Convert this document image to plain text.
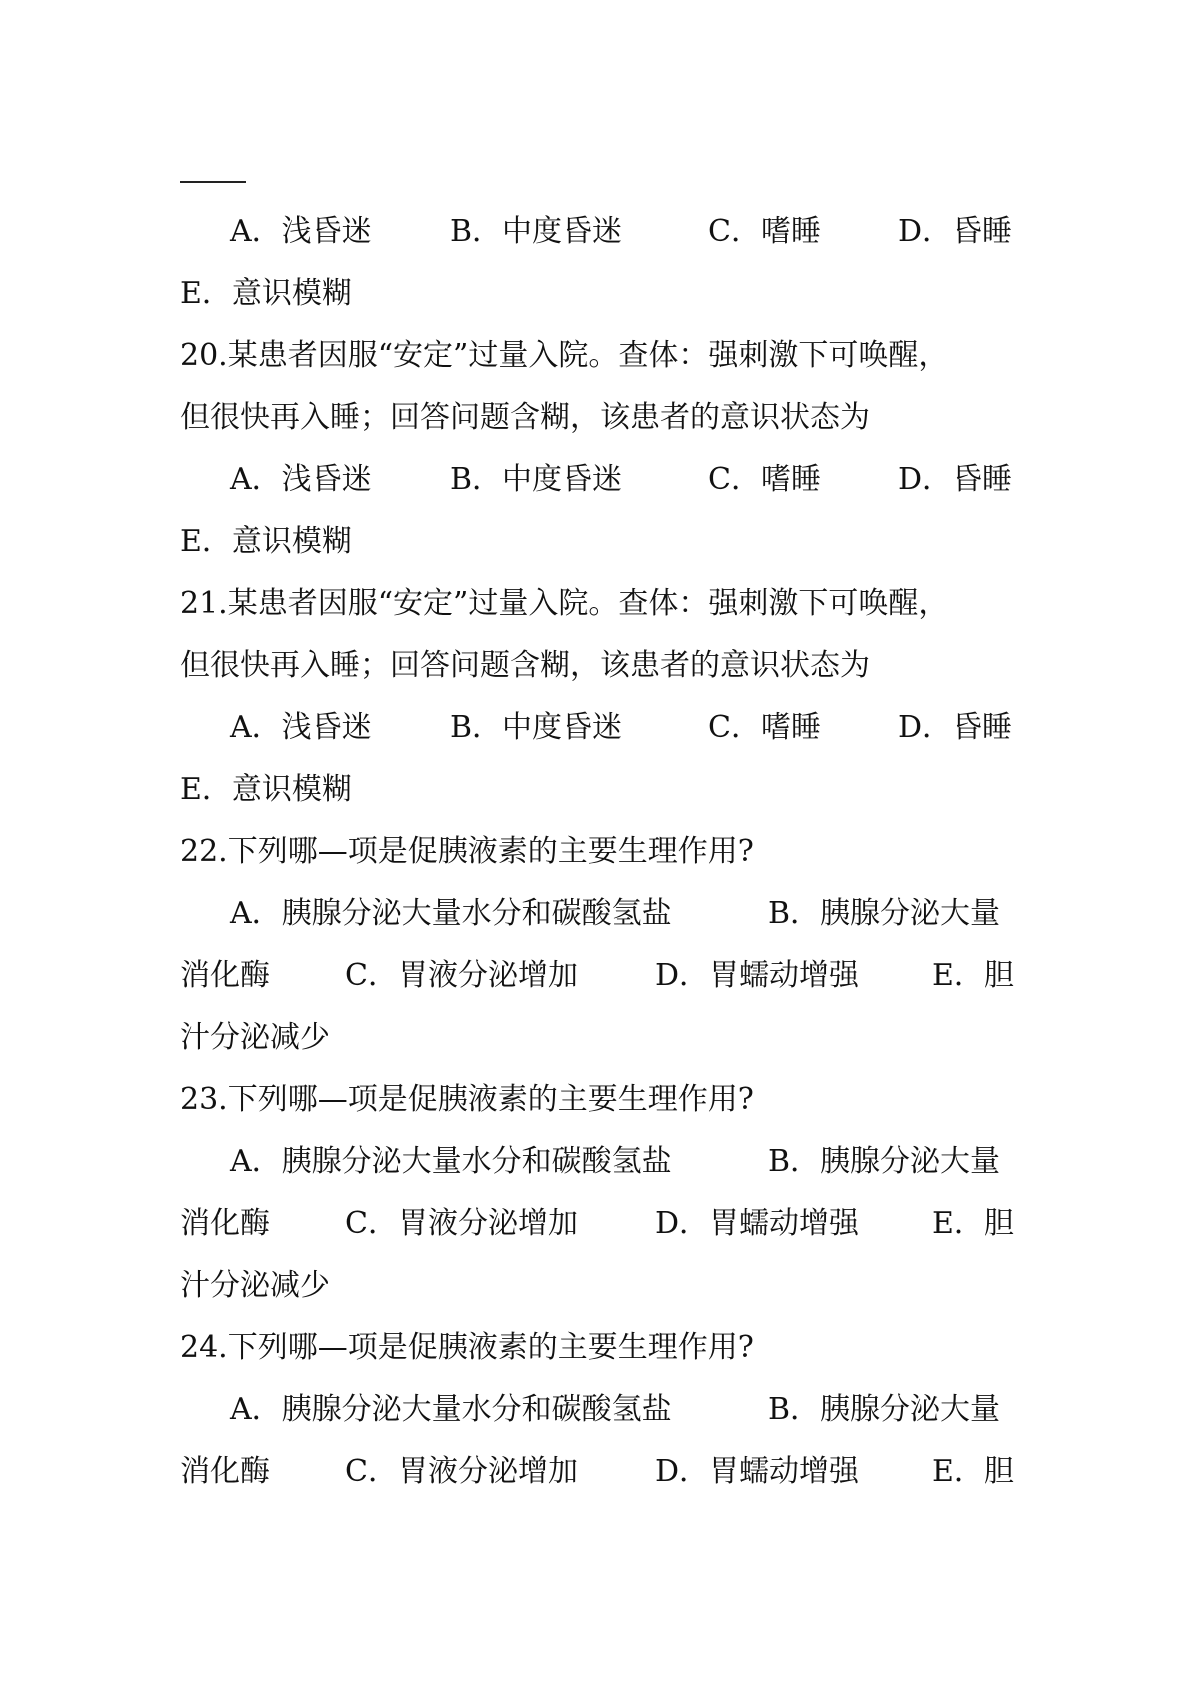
A．浅昏迷	B．中度昏迷	C．嗜睡	D．昏睡
E．意识模糊
20.某患者因服“安定”过量入院。查体：强刺激下可唤醒，
但很快再入睡；回答问题含糊，该患者的意识状态为
A．浅昏迷	B．中度昏迷	C．嗜睡	D．昏睡
E．意识模糊
21.某患者因服“安定”过量入院。查体：强刺激下可唤醒，
但很快再入睡；回答问题含糊，该患者的意识状态为
A．浅昏迷	B．中度昏迷	C．嗜睡	D．昏睡
E．意识模糊
22.下列哪—项是促胰液素的主要生理作用?
A．胰腺分泌大量水分和碳酸氢盐	B．胰腺分泌大量
消化酶	C．胃液分泌增加	D．胃蠕动增强 E．胆
汁分泌减少
23.下列哪—项是促胰液素的主要生理作用?
A．胰腺分泌大量水分和碳酸氢盐	B．胰腺分泌大量
消化酶	C．胃液分泌增加	D．胃蠕动增强 E．胆
汁分泌减少
24.下列哪—项是促胰液素的主要生理作用?
A．胰腺分泌大量水分和碳酸氢盐	B．胰腺分泌大量
消化酶	C．胃液分泌增加	D．胃蠕动增强 E．胆
